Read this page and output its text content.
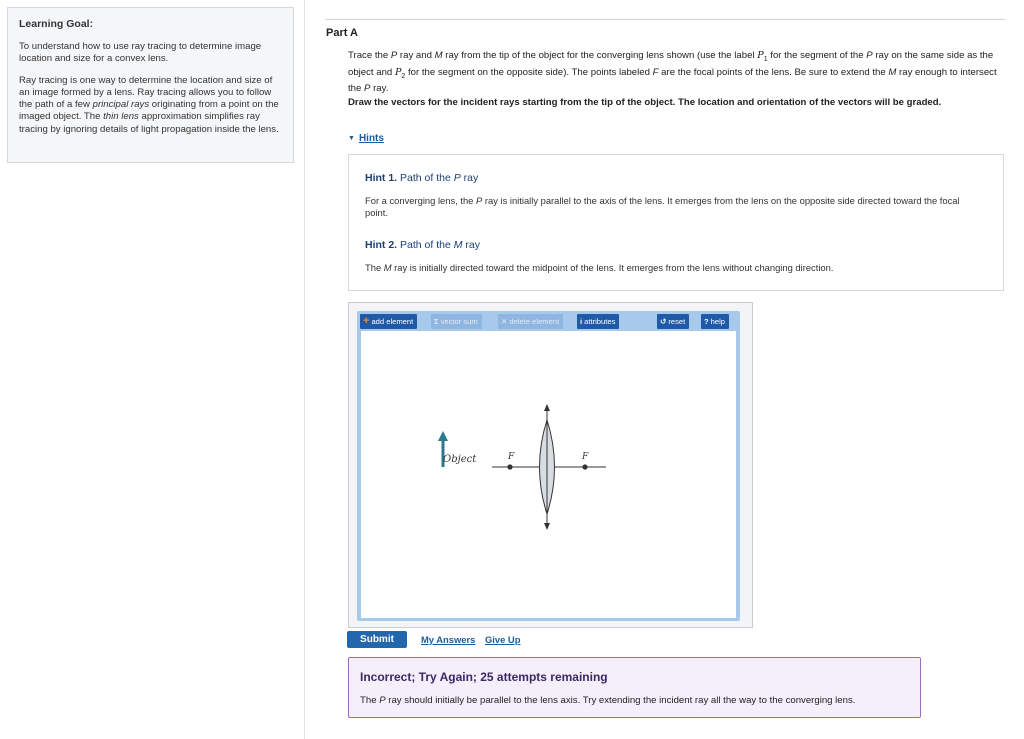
Learning Goal:
To understand how to use ray tracing to determine image location and size for a convex lens.
Ray tracing is one way to determine the location and size of an image formed by a lens. Ray tracing allows you to follow the path of a few principal rays originating from a point on the imaged object. The thin lens approximation simplifies ray tracing by ignoring details of light propagation inside the lens.
Part A
Trace the P ray and M ray from the tip of the object for the converging lens shown (use the label $P_1$ for the segment of the P ray on the same side as the object and $P_2$ for the segment on the opposite side). The points labeled F are the focal points of the lens. Be sure to extend the M ray enough to intersect the P ray.
Draw the vectors for the incident rays starting from the tip of the object. The location and orientation of the vectors will be graded.
▼ Hints
Hint 1. Path of the P ray
For a converging lens, the P ray is initially parallel to the axis of the lens. It emerges from the lens on the opposite side directed toward the focal point.
Hint 2. Path of the M ray
The M ray is initially directed toward the midpoint of the lens. It emerges from the lens without changing direction.
+ add element	Σ vector sum	✕ delete element	i attributes	↺ reset	? help
Object	F	F
Submit	My Answers Give Up
Incorrect; Try Again; 25 attempts remaining
The P ray should initially be parallel to the lens axis. Try extending the incident ray all the way to the converging lens.
